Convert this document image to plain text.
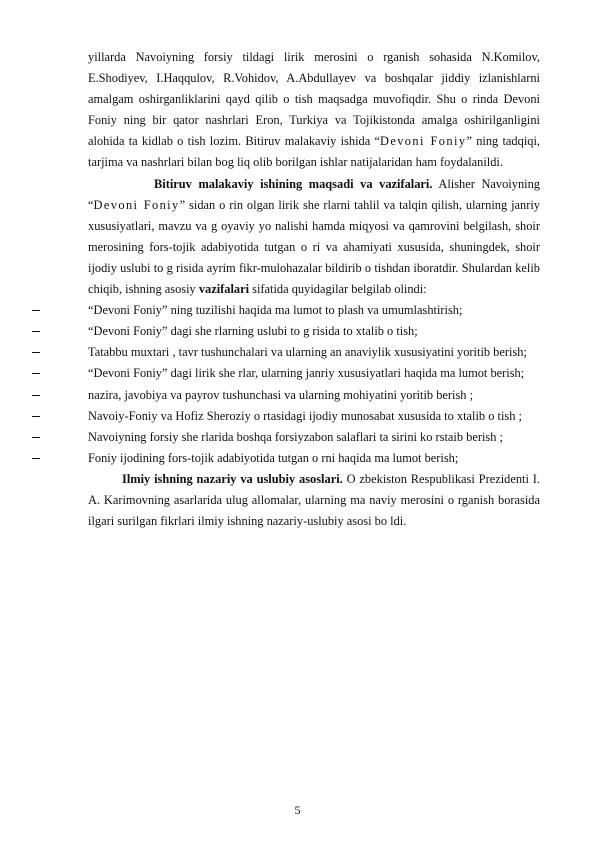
yillarda Navoiyning forsiy tildagi lirik merosini o rganish sohasida N.Komilov, E.Shodiyev, I.Haqqulov, R.Vohidov, A.Abdullayev va boshqalar jiddiy izlanishlarni amalgam oshirganliklarini qayd qilib o tish maqsadga muvofiqdir. Shu o rinda Devoni Foniy ning bir qator nashrlari Eron, Turkiya va Tojikistonda amalga oshirilganligini alohida ta kidlab o tish lozim. Bitiruv malakaviy ishida “Devoni Foniy” ning tadqiqi, tarjima va nashrlari bilan bog liq olib borilgan ishlar natijalaridan ham foydalanildi.

Bitiruv malakaviy ishining maqsadi va vazifalari. Alisher Navoiyning “Devoni Foniy” sidan o rin olgan lirik she rlarni tahlil va talqin qilish, ularning janriy xususiyatlari, mavzu va g oyaviy yo nalishi hamda miqyosi va qamrovini belgilash, shoir merosining fors-tojik adabiyotida tutgan o ri va ahamiyati xususida, shuningdek, shoir ijodiy uslubi to g risida ayrim fikr-mulohazalar bildirib o tishdan iboratdir. Shulardan kelib chiqib, ishning asosiy vazifalari sifatida quyidagilar belgilab olindi:

“Devoni Foniy” ning tuzilishi haqida ma lumot to plash va umumlashtirish;
“Devoni Foniy” dagi she rlarning uslubi to g risida to xtalib o tish;
Tatabbu muxtari , tavr tushunchalari va ularning an anaviylik xususiyatini yoritib berish;
“Devoni Foniy” dagi lirik she rlar, ularning janriy xususiyatlari haqida ma lumot berish;
nazira, javobiya va payrov tushunchasi va ularning mohiyatini yoritib berish ;
Navoiy-Foniy va Hofiz Sheroziy o rtasidagi ijodiy munosabat xususida to xtalib o tish ;
Navoiyning forsiy she rlarida boshqa forsiyzabon salaflari ta sirini ko rstaib berish ;
Foniy ijodining fors-tojik adabiyotida tutgan o rni haqida ma lumot berish;

Ilmiy ishning nazariy va uslubiy asoslari. O zbekiston Respublikasi Prezidenti I. A. Karimovning asarlarida ulug allomalar, ularning ma naviy merosini o rganish borasida ilgari surilgan fikrlari ilmiy ishning nazariy-uslubiy asosi bo ldi.

5
